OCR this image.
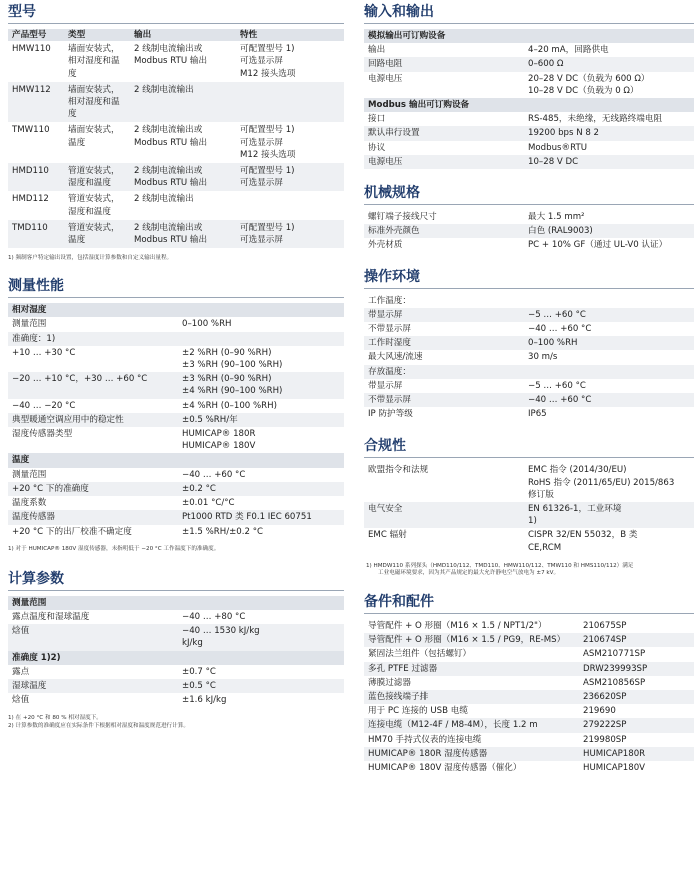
型号
产品型号	类型	输出	特性
HMW110	墙面安装式，
相对湿度和温
度	2 线制电流输出或
Modbus RTU 输出	可配置型号 1)
可选显示屏
M12 接头选项

HMW112	墙面安装式，
相对湿度和温
度	2 线制电流输出	

TMW110	墙面安装式，
温度	2 线制电流输出或
Modbus RTU 输出	可配置型号 1)
可选显示屏
M12 接头选项

HMD110	管道安装式，
湿度和温度	2 线制电流输出或
Modbus RTU 输出	可配置型号 1)
可选显示屏

HMD112	管道安装式，
湿度和温度	2 线制电流输出	

TMD110	管道安装式，
温度	2 线制电流输出或
Modbus RTU 输出	可配置型号 1)
可选显示屏
1) 频制客户特定输出设置，包括湿度计算参数和自定义输出量程。
测量性能
相对湿度	
测量范围	0–100 %RH

准确度：1)	
+10 … +30 °C	±2 %RH (0–90 %RH)
±3 %RH (90–100 %RH)

−20 … +10 °C，+30 … +60 °C	±3 %RH (0–90 %RH)
±4 %RH (90–100 %RH)

−40 … −20 °C	±4 %RH (0–100 %RH)

典型暖通空调应用中的稳定性	±0.5 %RH/年

湿度传感器类型	HUMICAP® 180R
HUMICAP® 180V

温度	
测量范围	−40 … +60 °C

+20 °C 下的准确度	±0.2 °C

温度系数	±0.01 °C/°C

温度传感器	Pt1000 RTD 类 F0.1 IEC 60751

+20 °C 下的出厂校准不确定度	±1.5 %RH/±0.2 °C
1) 对于 HUMICAP® 180V 湿度传感器，未指明低于 −20 °C 工作温度下的准确度。
计算参数
测量范围	
露点温度和湿球温度	−40 … +80 °C

焓值	−40 … 1530 kJ/kg
kJ/kg

准确度 1)2)	
露点	±0.7 °C

湿球温度	±0.5 °C

焓值	±1.6 kJ/kg
1) 在 +20 °C 和 80 % 相对湿度下。
2) 计算参数的准确度应在实际条件下根据相对湿度和温度规范进行计算。
输入和输出
模拟输出可订购设备	
输出	4–20 mA，回路供电

回路电阻	0–600 Ω

电源电压	20–28 V DC（负载为 600 Ω）
10–28 V DC（负载为 0 Ω）

Modbus 输出可订购设备	
接口	RS-485，未绝缘，无线路终端电阻

默认串行设置	19200 bps N 8 2

协议	Modbus®RTU

电源电压	10–28 V DC
机械规格
螺钉端子接线尺寸	最大 1.5 mm²

标准外壳颜色	白色 (RAL9003)

外壳材质	PC + 10% GF（通过 UL-V0 认证）
操作环境
工作温度：	
带显示屏	−5 … +60 °C

不带显示屏	−40 … +60 °C

工作时湿度	0–100 %RH

最大风速/流速	30 m/s

存放温度：	
带显示屏	−5 … +60 °C

不带显示屏	−40 … +60 °C

IP 防护等级	IP65
合规性
欧盟指令和法规	EMC 指令 (2014/30/EU)
RoHS 指令 (2011/65/EU) 2015/863
修订版

电气安全	EN 61326-1，工业环境
1)

EMC 辐射	CISPR 32/EN 55032，B 类
CE,RCM
1) HMDW110 系列探头（HMD110/112、TMD110、HMW110/112、TMW110 和 HMS110/112）满足
工业电磁环境要求，因为其产品规定的最大允许静电空气放电为 ±7 kV。
备件和配件
导管配件 + O 形圈（M16 × 1.5 / NPT1/2"）	210675SP

导管配件 + O 形圈（M16 × 1.5 / PG9，RE-MS）	210674SP

紧固法兰组件（包括螺钉）	ASM210771SP

多孔 PTFE 过滤器	DRW239993SP

薄膜过滤器	ASM210856SP

蓝色接线端子排	236620SP

用于 PC 连接的 USB 电缆	219690

连接电缆（M12-4F / M8-4M），长度 1.2 m	279222SP

HM70 手持式仪表的连接电缆	219980SP

HUMICAP® 180R 湿度传感器	HUMICAP180R

HUMICAP® 180V 湿度传感器（催化）	HUMICAP180V
